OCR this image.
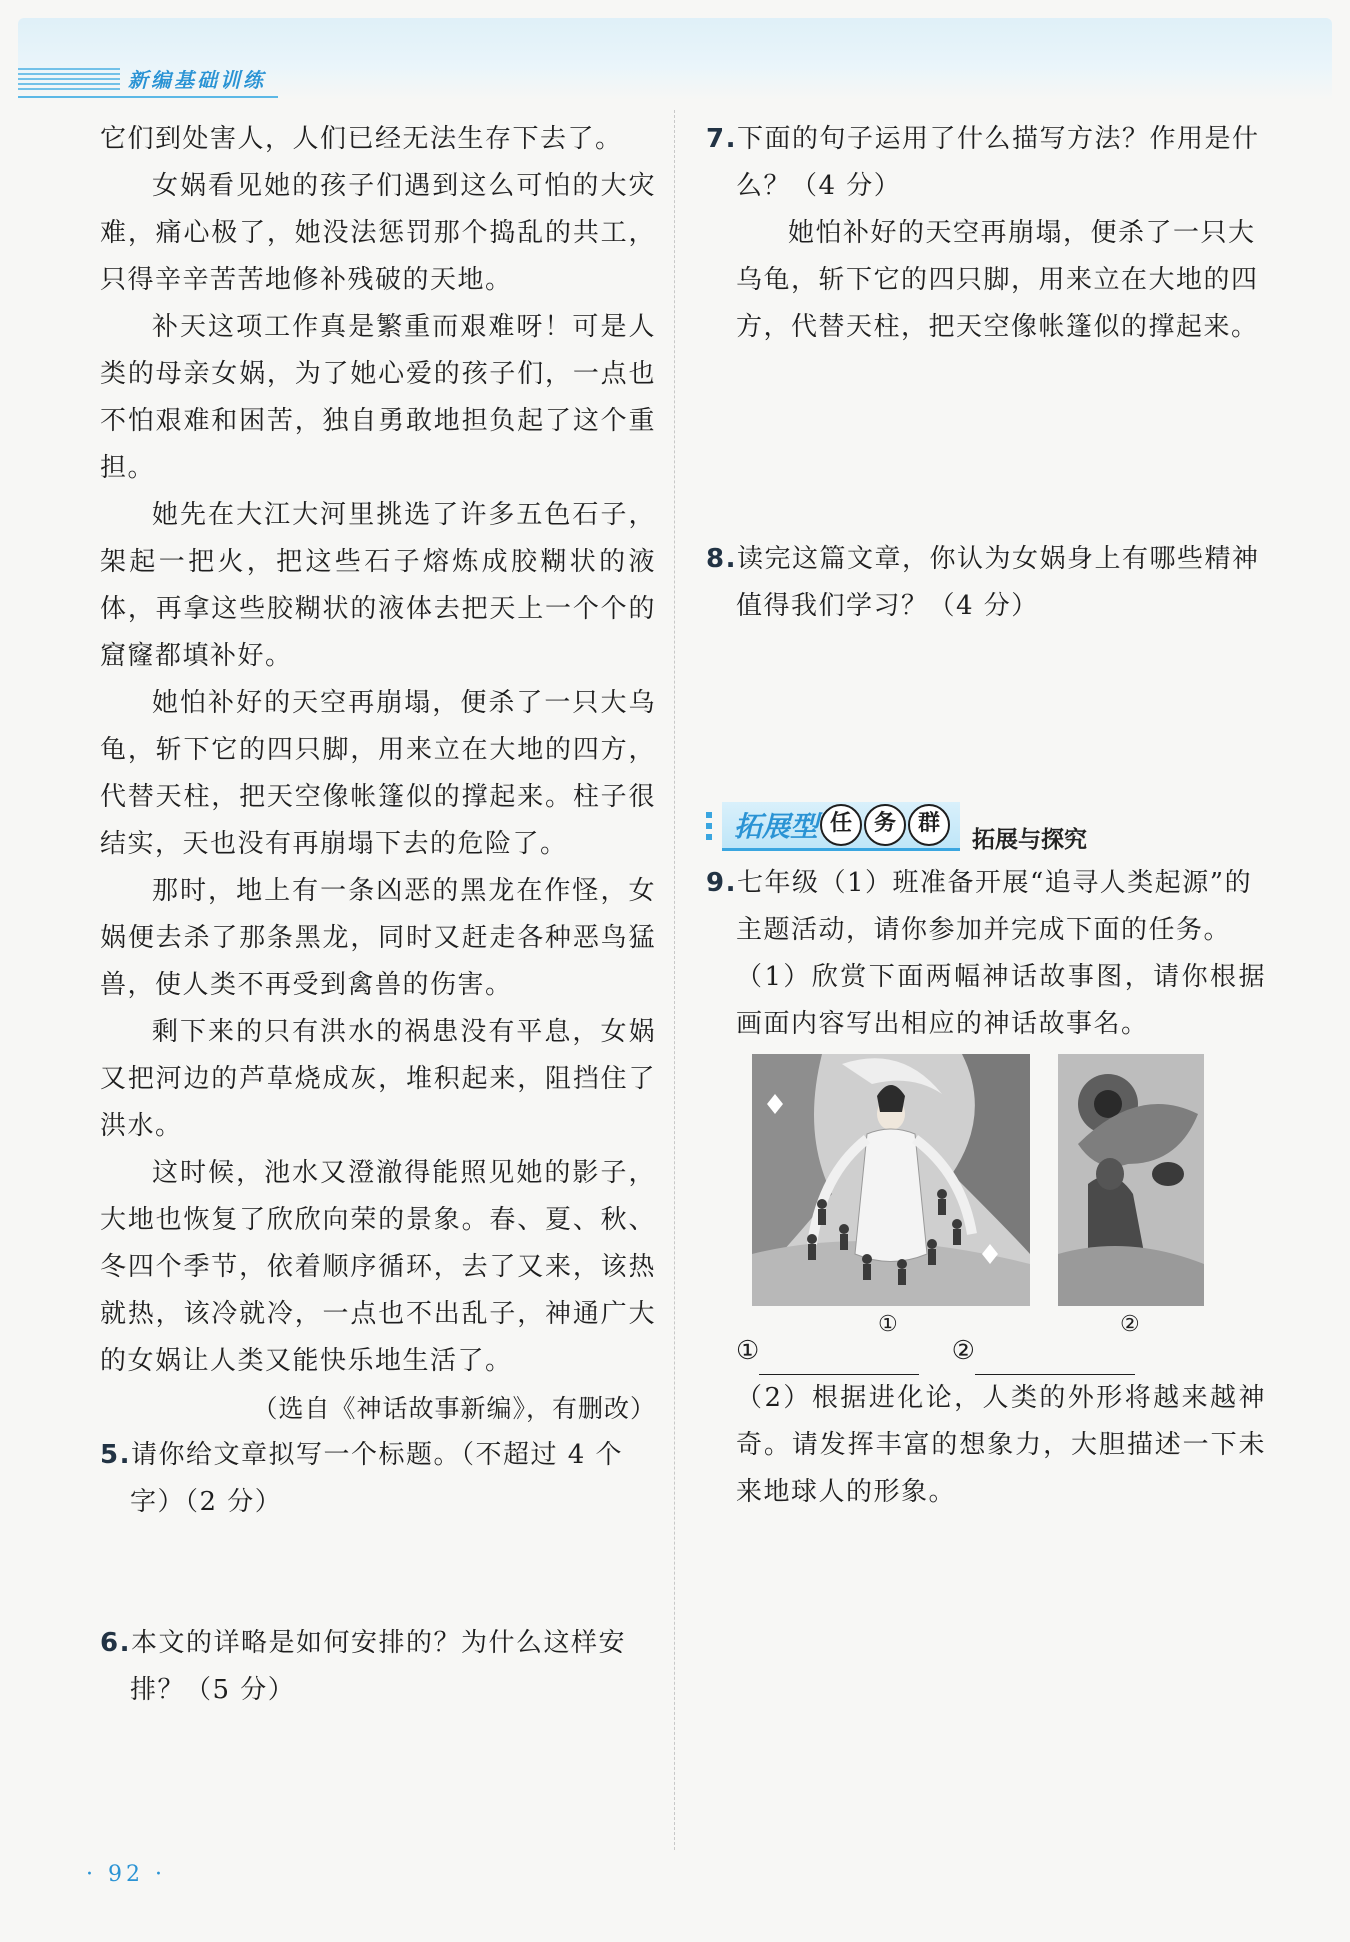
新编基础训练

它们到处害人，人们已经无法生存下去了。

女娲看见她的孩子们遇到这么可怕的大灾难，痛心极了，她没法惩罚那个捣乱的共工，只得辛辛苦苦地修补残破的天地。

补天这项工作真是繁重而艰难呀！可是人类的母亲女娲，为了她心爱的孩子们，一点也不怕艰难和困苦，独自勇敢地担负起了这个重担。

她先在大江大河里挑选了许多五色石子，架起一把火，把这些石子熔炼成胶糊状的液体，再拿这些胶糊状的液体去把天上一个个的窟窿都填补好。

她怕补好的天空再崩塌，便杀了一只大乌龟，斩下它的四只脚，用来立在大地的四方，代替天柱，把天空像帐篷似的撑起来。柱子很结实，天也没有再崩塌下去的危险了。

那时，地上有一条凶恶的黑龙在作怪，女娲便去杀了那条黑龙，同时又赶走各种恶鸟猛兽，使人类不再受到禽兽的伤害。

剩下来的只有洪水的祸患没有平息，女娲又把河边的芦草烧成灰，堆积起来，阻挡住了洪水。

这时候，池水又澄澈得能照见她的影子，大地也恢复了欣欣向荣的景象。春、夏、秋、冬四个季节，依着顺序循环，去了又来，该热就热，该冷就冷，一点也不出乱子，神通广大的女娲让人类又能快乐地生活了。

（选自《神话故事新编》，有删改）

5.请你给文章拟写一个标题。（不超过 4 个字）（2 分）

6.本文的详略是如何安排的？为什么这样安排？（5 分）

7.下面的句子运用了什么描写方法？作用是什么？（4 分）

她怕补好的天空再崩塌，便杀了一只大乌龟，斩下它的四只脚，用来立在大地的四方，代替天柱，把天空像帐篷似的撑起来。

8.读完这篇文章，你认为女娲身上有哪些精神值得我们学习？（4 分）

拓展型 任 务 群
拓展与探究

9.七年级（1）班准备开展“追寻人类起源”的主题活动，请你参加并完成下面的任务。

（1）欣赏下面两幅神话故事图，请你根据画面内容写出相应的神话故事名。

①	②
①	②

（2）根据进化论，人类的外形将越来越神奇。请发挥丰富的想象力，大胆描述一下未来地球人的形象。

· 92 ·
